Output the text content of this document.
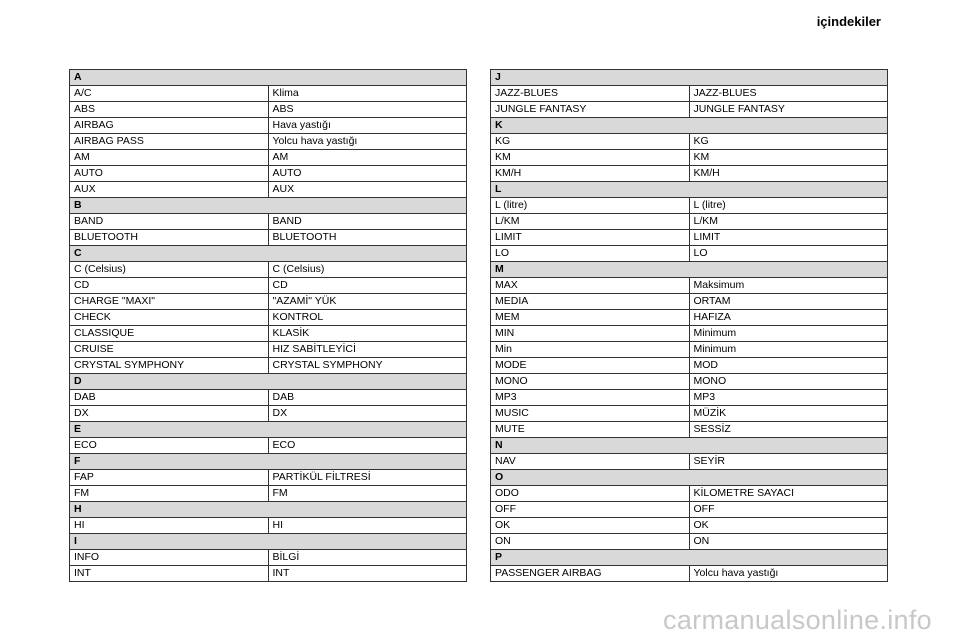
içindekiler
A	
A/C	Klima
ABS	ABS
AIRBAG	Hava yastığı
AIRBAG PASS	Yolcu hava yastığı
AM	AM
AUTO	AUTO
AUX	AUX
B	
BAND	BAND
BLUETOOTH	BLUETOOTH
C	
C (Celsius)	C (Celsius)
CD	CD
CHARGE "MAXI"	"AZAMİ" YÜK
CHECK	KONTROL
CLASSIQUE	KLASİK
CRUISE	HIZ SABİTLEYİCİ
CRYSTAL SYMPHONY	CRYSTAL SYMPHONY
D	
DAB	DAB
DX	DX
E	
ECO	ECO
F	
FAP	PARTİKÜL FİLTRESİ
FM	FM
H	
HI	HI
I	
INFO	BİLGİ
INT	INT
J	
JAZZ-BLUES	JAZZ-BLUES
JUNGLE FANTASY	JUNGLE FANTASY
K	
KG	KG
KM	KM
KM/H	KM/H
L	
L (litre)	L (litre)
L/KM	L/KM
LIMIT	LIMIT
LO	LO
M	
MAX	Maksimum
MEDIA	ORTAM
MEM	HAFIZA
MIN	Minimum
Min	Minimum
MODE	MOD
MONO	MONO
MP3	MP3
MUSIC	MÜZİK
MUTE	SESSİZ
N	
NAV	SEYİR
O	
ODO	KİLOMETRE SAYACI
OFF	OFF
OK	OK
ON	ON
P	
PASSENGER AIRBAG	Yolcu hava yastığı
carmanualsonline.info
